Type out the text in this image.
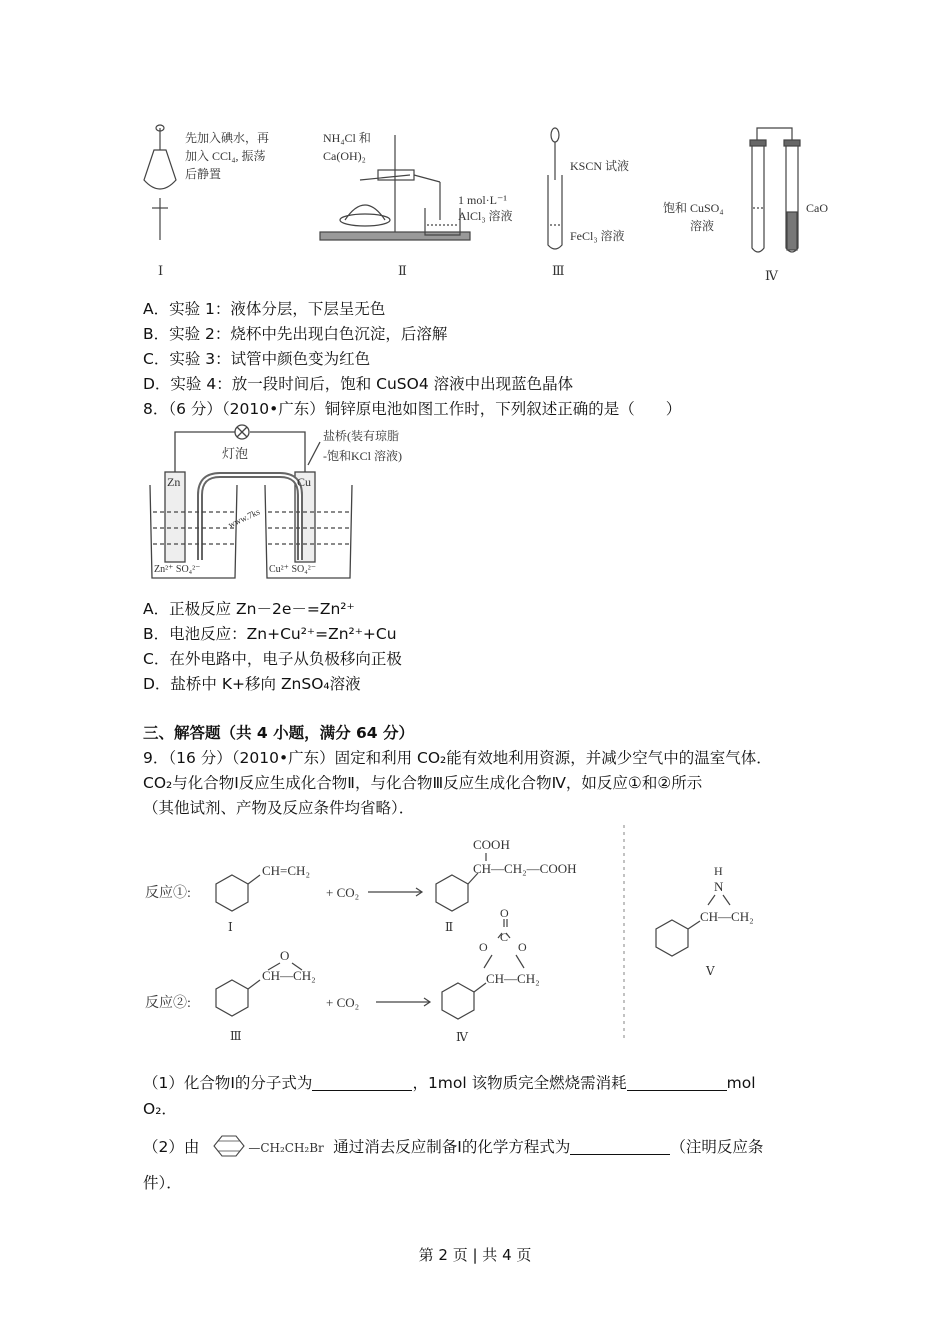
先加入碘水，再
加入 CCl₄, 振荡
后静置
Ⅰ
NH₄Cl 和
Ca(OH)₂
1 mol·L⁻¹
AlCl₃ 溶液
Ⅱ
KSCN 试液
FeCl₃ 溶液
Ⅲ
饱和 CuSO₄
溶液
CaO
Ⅳ
A．实验 1：液体分层，下层呈无色
B．实验 2：烧杯中先出现白色沉淀，后溶解
C．实验 3：试管中颜色变为红色
D．实验 4：放一段时间后，饱和 CuSO4 溶液中出现蓝色晶体
8．（6 分）（2010•广东）铜锌原电池如图工作时，下列叙述正确的是（　　）
灯泡
盐桥(装有琼脂
-饱和KCl 溶液)
Zn	Cu
Zn²⁺ SO₄²⁻	Cu²⁺ SO₄²⁻
www.7ks
A．正极反应 Zn－2e－=Zn²⁺
B．电池反应：Zn+Cu²⁺=Zn²⁺+Cu
C．在外电路中，电子从负极移向正极
D．盐桥中 K+移向 ZnSO₄溶液
三、解答题（共 4 小题，满分 64 分）
9．（16 分）（2010•广东）固定和利用 CO₂能有效地利用资源，并减少空气中的温室气体．
CO₂与化合物Ⅰ反应生成化合物Ⅱ，与化合物Ⅲ反应生成化合物Ⅳ，如反应①和②所示
（其他试剂、产物及反应条件均省略）．
反应①:
CH=CH₂
+ CO₂
Ⅰ
COOH
CH—CH₂—COOH
Ⅱ
反应②:
O
CH—CH₂
+ CO₂
Ⅲ
O
C
O	O
CH—CH₂
Ⅳ
H
N
CH—CH₂
Ⅴ
（1）化合物Ⅰ的分子式为	，1mol 该物质完全燃烧需消耗	mol
O₂．
（2）由	—CH₂CH₂Br 通过消去反应制备Ⅰ的化学方程式为	（注明反应条
件）．
第 2 页 | 共 4 页
